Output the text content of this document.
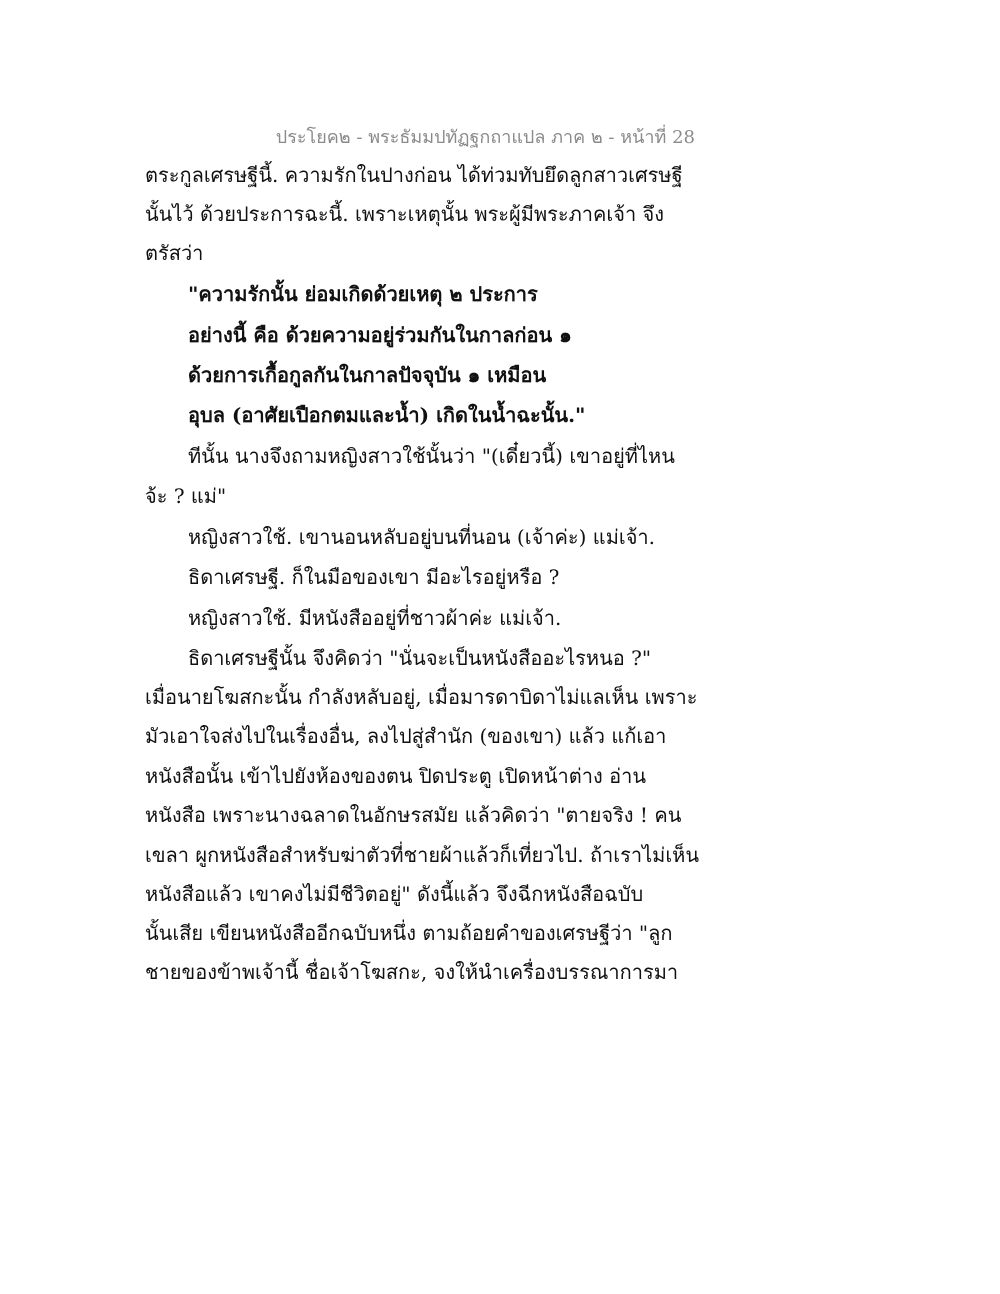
ประโยค๒ - พระธัมมปทัฏฐกถาแปล ภาค ๒ - หน้าที่ 28
ตระกูลเศรษฐีนี้. ความรักในปางก่อน ได้ท่วมทับยึดลูกสาวเศรษฐี
นั้นไว้ ด้วยประการฉะนี้. เพราะเหตุนั้น พระผู้มีพระภาคเจ้า จึง
ตรัสว่า
"ความรักนั้น ย่อมเกิดด้วยเหตุ ๒ ประการ
อย่างนี้ คือ ด้วยความอยู่ร่วมกันในกาลก่อน ๑
ด้วยการเกื้อกูลกันในกาลปัจจุบัน ๑ เหมือน
อุบล (อาศัยเปือกตมและน้ำ) เกิดในน้ำฉะนั้น."
ทีนั้น นางจึงถามหญิงสาวใช้นั้นว่า "(เดี๋ยวนี้) เขาอยู่ที่ไหน
จ้ะ ? แม่"
หญิงสาวใช้. เขานอนหลับอยู่บนที่นอน (เจ้าค่ะ) แม่เจ้า.
ธิดาเศรษฐี. ก็ในมือของเขา มีอะไรอยู่หรือ ?
หญิงสาวใช้. มีหนังสืออยู่ที่ชาวผ้าค่ะ แม่เจ้า.
ธิดาเศรษฐีนั้น จึงคิดว่า "นั่นจะเป็นหนังสืออะไรหนอ ?"
เมื่อนายโฆสกะนั้น กำลังหลับอยู่, เมื่อมารดาบิดาไม่แลเห็น เพราะ
มัวเอาใจส่งไปในเรื่องอื่น, ลงไปสู่สำนัก (ของเขา) แล้ว แก้เอา
หนังสือนั้น เข้าไปยังห้องของตน ปิดประตู เปิดหน้าต่าง อ่าน
หนังสือ เพราะนางฉลาดในอักษรสมัย แล้วคิดว่า "ตายจริง ! คน
เขลา ผูกหนังสือสำหรับฆ่าตัวที่ชายผ้าแล้วก็เที่ยวไป. ถ้าเราไม่เห็น
หนังสือแล้ว เขาคงไม่มีชีวิตอยู่" ดังนี้แล้ว จึงฉีกหนังสือฉบับ
นั้นเสีย เขียนหนังสืออีกฉบับหนึ่ง ตามถ้อยคำของเศรษฐีว่า "ลูก
ชายของข้าพเจ้านี้ ชื่อเจ้าโฆสกะ, จงให้นำเครื่องบรรณาการมา
